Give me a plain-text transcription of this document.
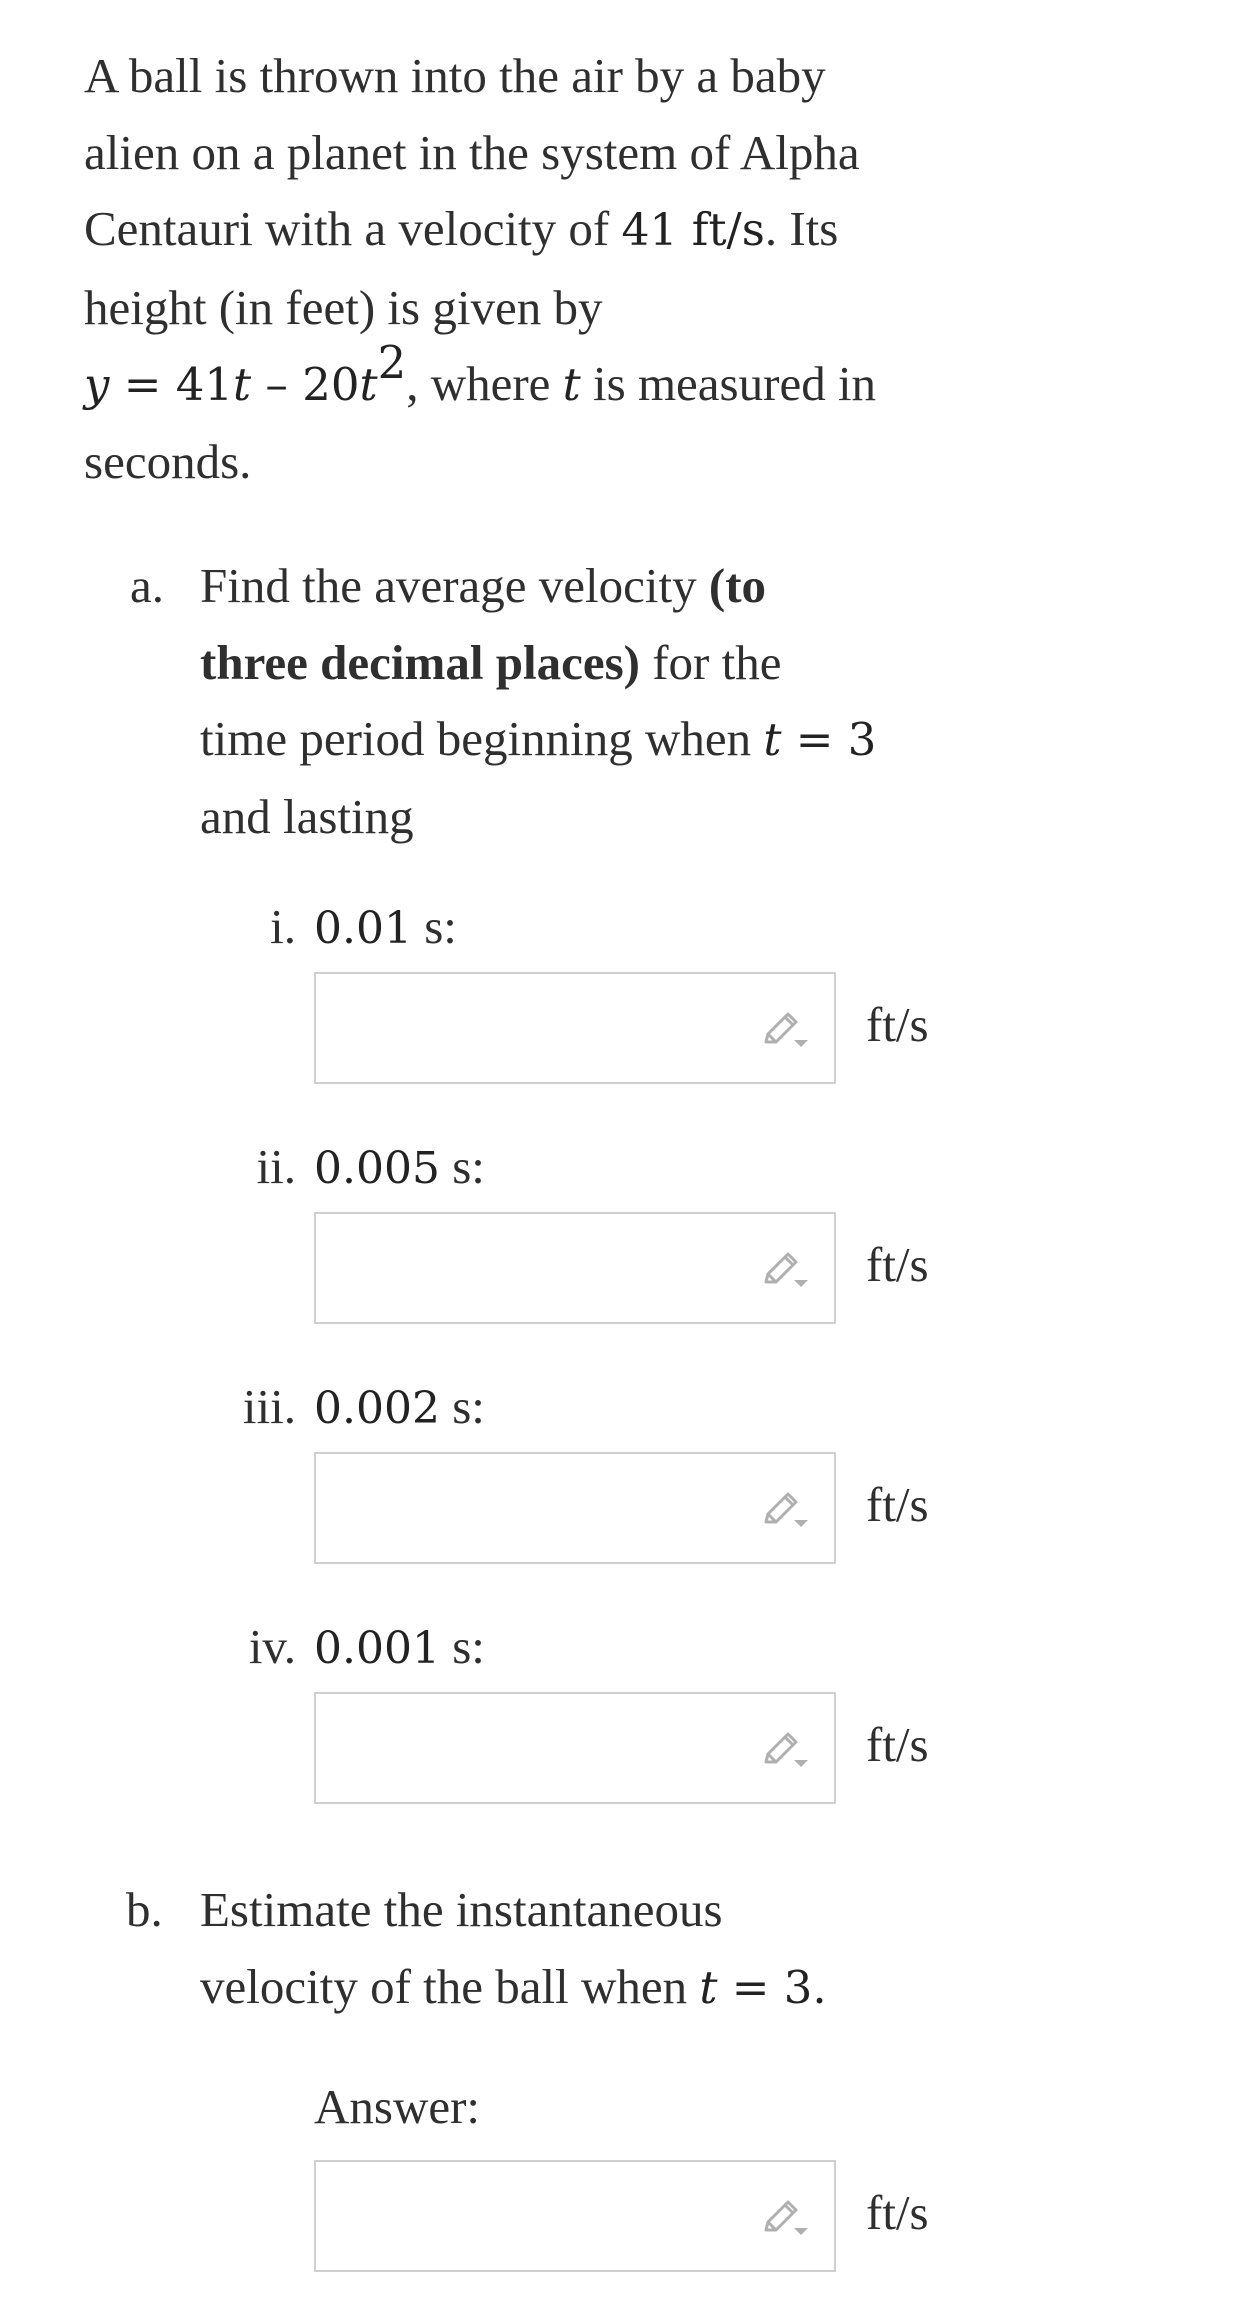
A ball is thrown into the air by a baby
alien on a planet in the system of Alpha
Centauri with a velocity of 41 ft/s. Its
height (in feet) is given by
$y = 41t - 20t^2$, where t is measured in
seconds.
a. Find the average velocity (to
three decimal places) for the
time period beginning when t = 3
and lasting
i. 0.01 s:
ft/s
ii. 0.005 s:
ft/s
iii. 0.002 s:
ft/s
iv. 0.001 s:
ft/s
b. Estimate the instantaneous
velocity of the ball when t = 3.
Answer:
ft/s
